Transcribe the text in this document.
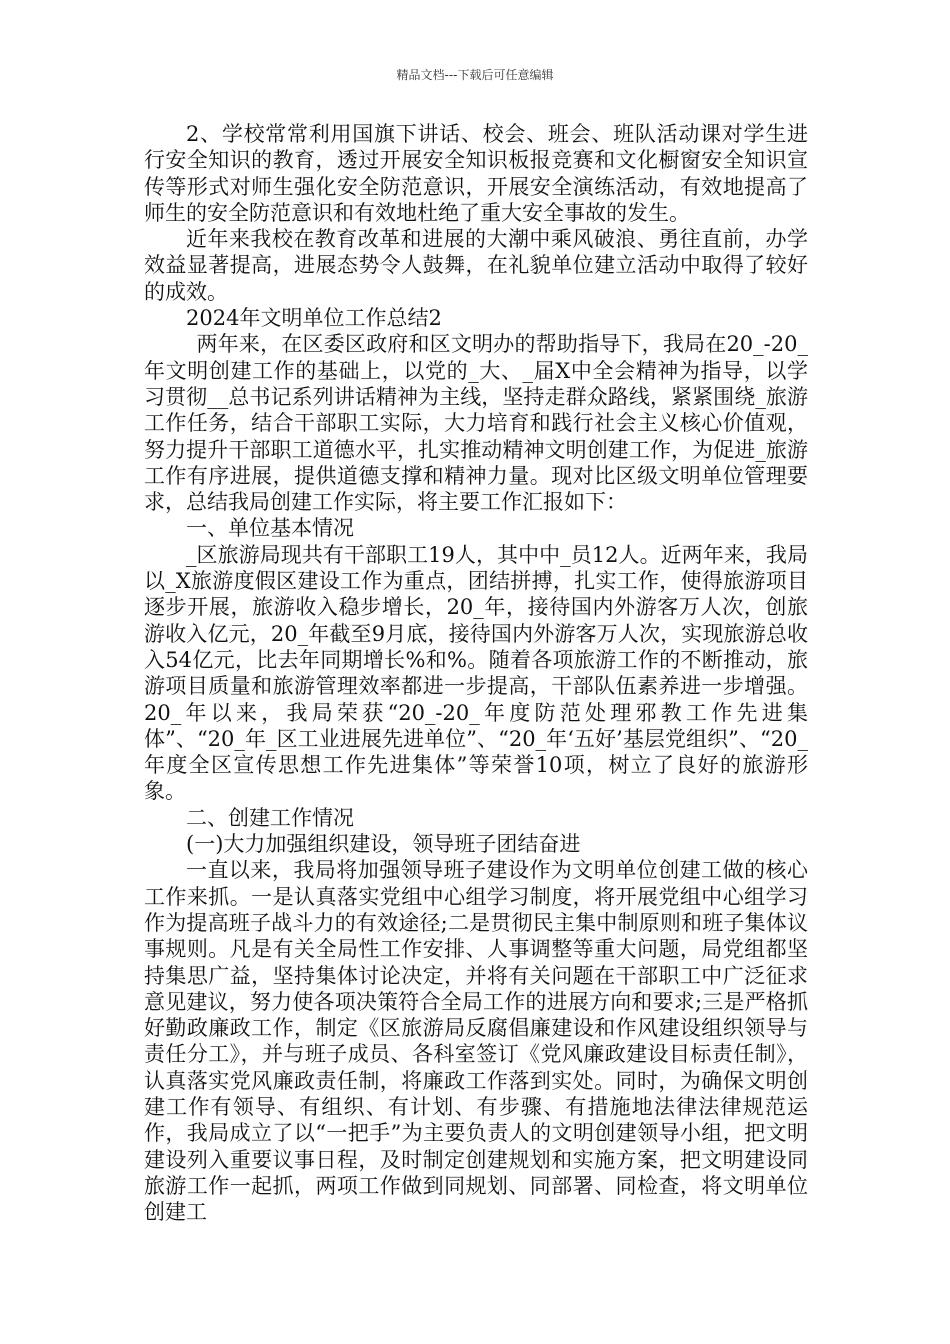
精品文档---下载后可任意编辑

2、学校常常利用国旗下讲话、校会、班会、班队活动课对学生进行安全知识的教育，透过开展安全知识板报竞赛和文化橱窗安全知识宣传等形式对师生强化安全防范意识，开展安全演练活动，有效地提高了师生的安全防范意识和有效地杜绝了重大安全事故的发生。

近年来我校在教育改革和进展的大潮中乘风破浪、勇往直前，办学效益显著提高，进展态势令人鼓舞，在礼貌单位建立活动中取得了较好的成效。

2024年文明单位工作总结2

两年来，在区委区政府和区文明办的帮助指导下，我局在20_-20_年文明创建工作的基础上，以党的_大、_届X中全会精神为指导，以学习贯彻__总书记系列讲话精神为主线，坚持走群众路线，紧紧围绕_旅游工作任务，结合干部职工实际，大力培育和践行社会主义核心价值观，努力提升干部职工道德水平，扎实推动精神文明创建工作，为促进_旅游工作有序进展，提供道德支撑和精神力量。现对比区级文明单位管理要求，总结我局创建工作实际，将主要工作汇报如下：

一、单位基本情况

_区旅游局现共有干部职工19人，其中中_员12人。近两年来，我局以_X旅游度假区建设工作为重点，团结拼搏，扎实工作，使得旅游项目逐步开展，旅游收入稳步增长，20_年，接待国内外游客万人次，创旅游收入亿元，20_年截至9月底，接待国内外游客万人次，实现旅游总收入54亿元，比去年同期增长%和%。随着各项旅游工作的不断推动，旅游项目质量和旅游管理效率都进一步提高，干部队伍素养进一步增强。20_年以来，我局荣获“20_-20_年度防范处理邪教工作先进集体”、“20_年_区工业进展先进单位”、“20_年‘五好’基层党组织”、“20_年度全区宣传思想工作先进集体”等荣誉10项，树立了良好的旅游形象。

二、创建工作情况

(一)大力加强组织建设，领导班子团结奋进

一直以来，我局将加强领导班子建设作为文明单位创建工做的核心工作来抓。一是认真落实党组中心组学习制度，将开展党组中心组学习作为提高班子战斗力的有效途径;二是贯彻民主集中制原则和班子集体议事规则。凡是有关全局性工作安排、人事调整等重大问题，局党组都坚持集思广益，坚持集体讨论决定，并将有关问题在干部职工中广泛征求意见建议，努力使各项决策符合全局工作的进展方向和要求;三是严格抓好勤政廉政工作，制定《区旅游局反腐倡廉建设和作风建设组织领导与责任分工》，并与班子成员、各科室签订《党风廉政建设目标责任制》，认真落实党风廉政责任制，将廉政工作落到实处。同时，为确保文明创建工作有领导、有组织、有计划、有步骤、有措施地法律法律规范运作，我局成立了以“一把手”为主要负责人的文明创建领导小组，把文明建设列入重要议事日程，及时制定创建规划和实施方案，把文明建设同旅游工作一起抓，两项工作做到同规划、同部署、同检查，将文明单位创建工
